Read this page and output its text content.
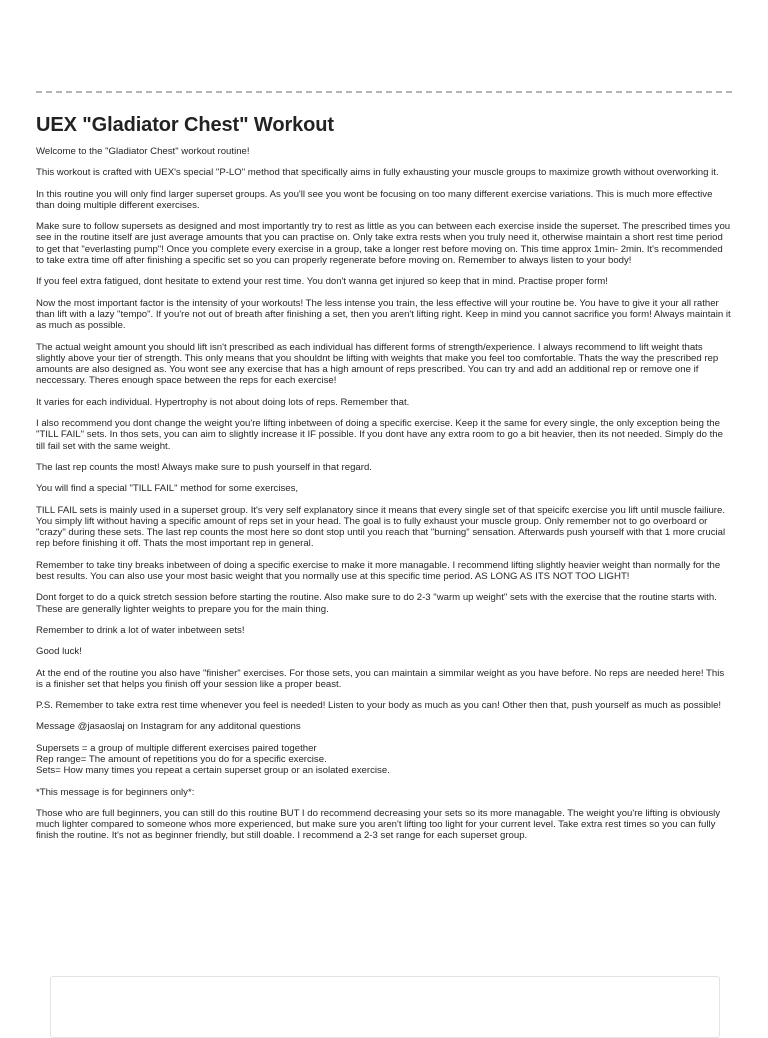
UEX "Gladiator Chest" Workout

Welcome to the "Gladiator Chest" workout routine!

This workout is crafted with UEX's special "P-LO" method that specifically aims in fully exhausting your muscle groups to maximize growth without overworking it.

In this routine you will only find larger superset groups. As you'll see you wont be focusing on too many different exercise variations. This is much more effective than doing multiple different exercises.

Make sure to follow supersets as designed and most importantly try to rest as little as you can between each exercise inside the superset. The prescribed times you see in the routine itself are just average amounts that you can practise on. Only take extra rests when you truly need it, otherwise maintain a short rest time period to get that "everlasting pump"! Once you complete every exercise in a group, take a longer rest before moving on. This time approx 1min- 2min. It's recommended to take extra time off after finishing a specific set so you can properly regenerate before moving on. Remember to always listen to your body!

If you feel extra fatigued, dont hesitate to extend your rest time. You don't wanna get injured so keep that in mind. Practise proper form!

Now the most important factor is the intensity of your workouts! The less intense you train, the less effective will your routine be. You have to give it your all rather than lift with a lazy "tempo". If you're not out of breath after finishing a set, then you aren't lifting right. Keep in mind you cannot sacrifice you form! Always maintain it as much as possible.

The actual weight amount you should lift isn't prescribed as each individual has different forms of strength/experience. I always recommend to lift weight thats slightly above your tier of strength. This only means that you shouldnt be lifting with weights that make you feel too comfortable. Thats the way the prescribed rep amounts are also designed as. You wont see any exercise that has a high amount of reps prescribed. You can try and add an additional rep or remove one if neccessary. Theres enough space between the reps for each exercise!

It varies for each individual. Hypertrophy is not about doing lots of reps. Remember that.

I also recommend you dont change the weight you're lifting inbetween of doing a specific exercise. Keep it the same for every single, the only exception being the "TILL FAIL" sets. In thos sets, you can aim to slightly increase it IF possible. If you dont have any extra room to go a bit heavier, then its not needed. Simply do the till fail set with the same weight.

The last rep counts the most! Always make sure to push yourself in that regard.

You will find a special "TILL FAIL" method for some exercises,

TILL FAIL sets is mainly used in a superset group. It's very self explanatory since it means that every single set of that speicifc exercise you lift until muscle failiure. You simply lift without having a specific amount of reps set in your head. The goal is to fully exhaust your muscle group. Only remember not to go overboard or "crazy" during these sets. The last rep counts the most here so dont stop until you reach that "burning" sensation. Afterwards push yourself with that 1 more crucial rep before finishing it off. Thats the most important rep in general.

Remember to take tiny breaks inbetween of doing a specific exercise to make it more managable. I recommend lifting slightly heavier weight than normally for the best results. You can also use your most basic weight that you normally use at this specific time period. AS LONG AS ITS NOT TOO LIGHT!

Dont forget to do a quick stretch session before starting the routine. Also make sure to do 2-3 "warm up weight" sets with the exercise that the routine starts with. These are generally lighter weights to prepare you for the main thing.

Remember to drink a lot of water inbetween sets!

Good luck!

At the end of the routine you also have "finisher" exercises. For those sets, you can maintain a simmilar weight as you have before. No reps are needed here! This is a finisher set that helps you finish off your session like a proper beast.

P.S. Remember to take extra rest time whenever you feel is needed! Listen to your body as much as you can! Other then that, push yourself as much as possible!

Message @jasaoslaj on Instagram for any additonal questions

Supersets = a group of multiple different exercises paired together
Rep range= The amount of repetitions you do for a specific exercise.
Sets= How many times you repeat a certain superset group or an isolated exercise.

*This message is for beginners only*:

Those who are full beginners, you can still do this routine BUT I do recommend decreasing your sets so its more managable. The weight you're lifting is obviously much lighter compared to someone whos more experienced, but make sure you aren't lifting too light for your current level. Take extra rest times so you can fully finish the routine. It's not as beginner friendly, but still doable. I recommend a 2-3 set range for each superset group.
